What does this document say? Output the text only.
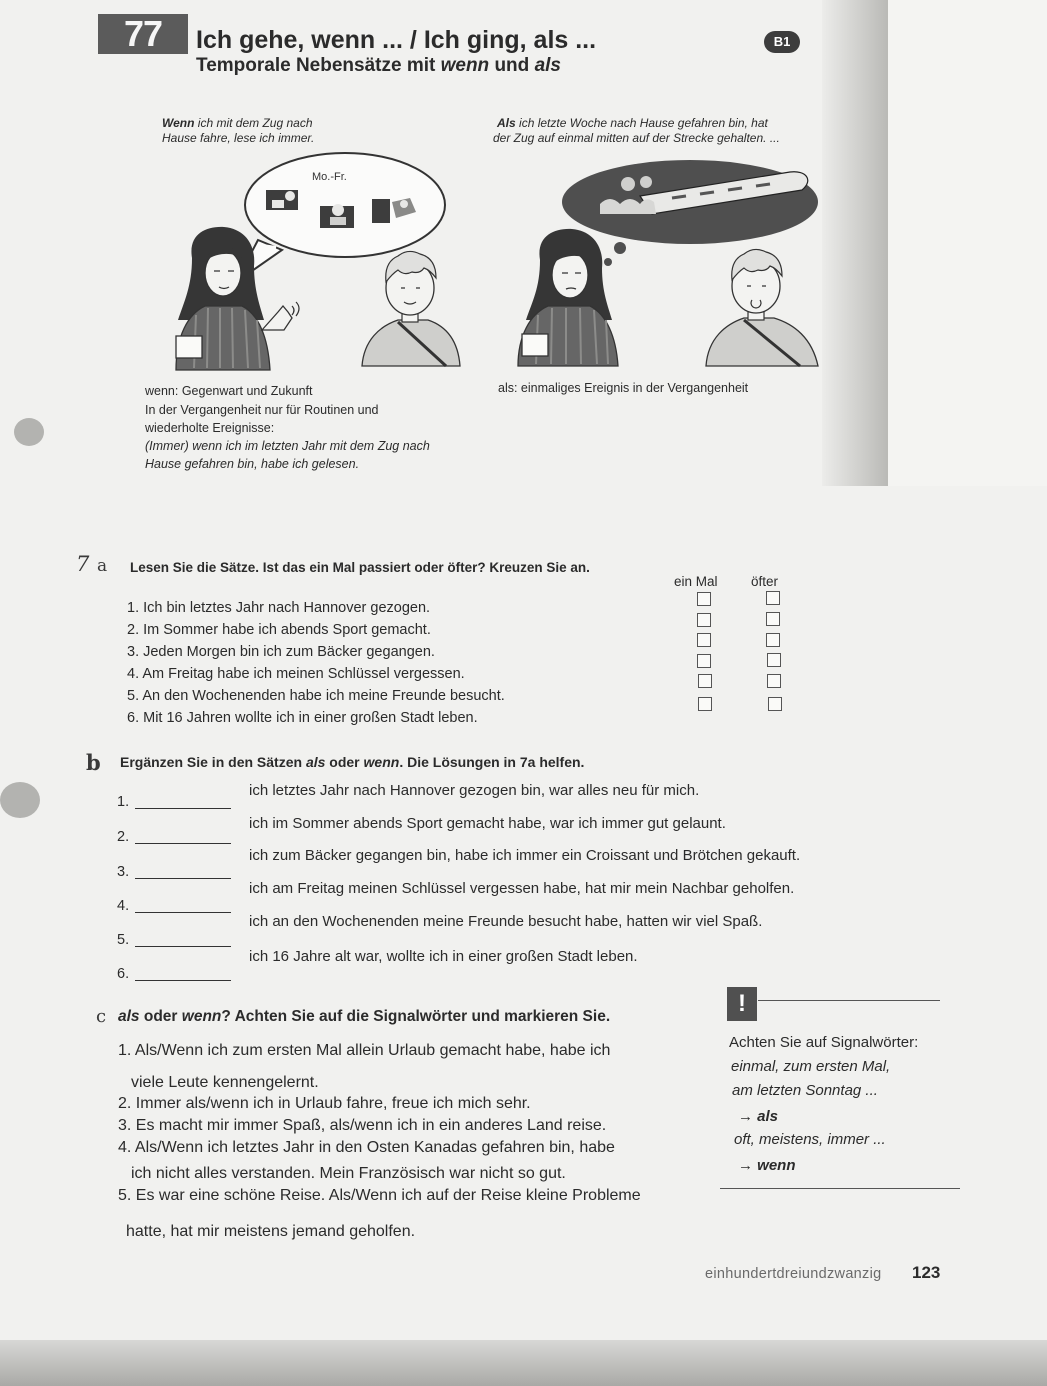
77	Ich gehe, wenn ... / Ich ging, als ...	B1
Temporale Nebensätze mit wenn und als
Wenn ich mit dem Zug nach
Hause fahre, lese ich immer.
Als ich letzte Woche nach Hause gefahren bin, hat
der Zug auf einmal mitten auf der Strecke gehalten. ...
Mo.-Fr.
wenn: Gegenwart und Zukunft	als: einmaliges Ereignis in der Vergangenheit
In der Vergangenheit nur für Routinen und
wiederholte Ereignisse:
(Immer) wenn ich im letzten Jahr mit dem Zug nach
Hause gefahren bin, habe ich gelesen.
7 a Lesen Sie die Sätze. Ist das ein Mal passiert oder öfter? Kreuzen Sie an.
ein Mal öfter
1. Ich bin letztes Jahr nach Hannover gezogen.
2. Im Sommer habe ich abends Sport gemacht.
3. Jeden Morgen bin ich zum Bäcker gegangen.
4. Am Freitag habe ich meinen Schlüssel vergessen.
5. An den Wochenenden habe ich meine Freunde besucht.
6. Mit 16 Jahren wollte ich in einer großen Stadt leben.
b Ergänzen Sie in den Sätzen als oder wenn. Die Lösungen in 7a helfen.
1.
ich letztes Jahr nach Hannover gezogen bin, war alles neu für mich.
2.
ich im Sommer abends Sport gemacht habe, war ich immer gut gelaunt.
3.
ich zum Bäcker gegangen bin, habe ich immer ein Croissant und Brötchen gekauft.
4.
ich am Freitag meinen Schlüssel vergessen habe, hat mir mein Nachbar geholfen.
5.
ich an den Wochenenden meine Freunde besucht habe, hatten wir viel Spaß.
6.
ich 16 Jahre alt war, wollte ich in einer großen Stadt leben.
c als oder wenn? Achten Sie auf die Signalwörter und markieren Sie.
1. Als/Wenn ich zum ersten Mal allein Urlaub gemacht habe, habe ich
viele Leute kennengelernt.
2. Immer als/wenn ich in Urlaub fahre, freue ich mich sehr.
3. Es macht mir immer Spaß, als/wenn ich in ein anderes Land reise.
4. Als/Wenn ich letztes Jahr in den Osten Kanadas gefahren bin, habe
ich nicht alles verstanden. Mein Französisch war nicht so gut.
5. Es war eine schöne Reise. Als/Wenn ich auf der Reise kleine Probleme
hatte, hat mir meistens jemand geholfen.
!
Achten Sie auf Signalwörter:
einmal, zum ersten Mal,
am letzten Sonntag ...
→ als
oft, meistens, immer ...
→ wenn
einhundertdreiundzwanzig 123
